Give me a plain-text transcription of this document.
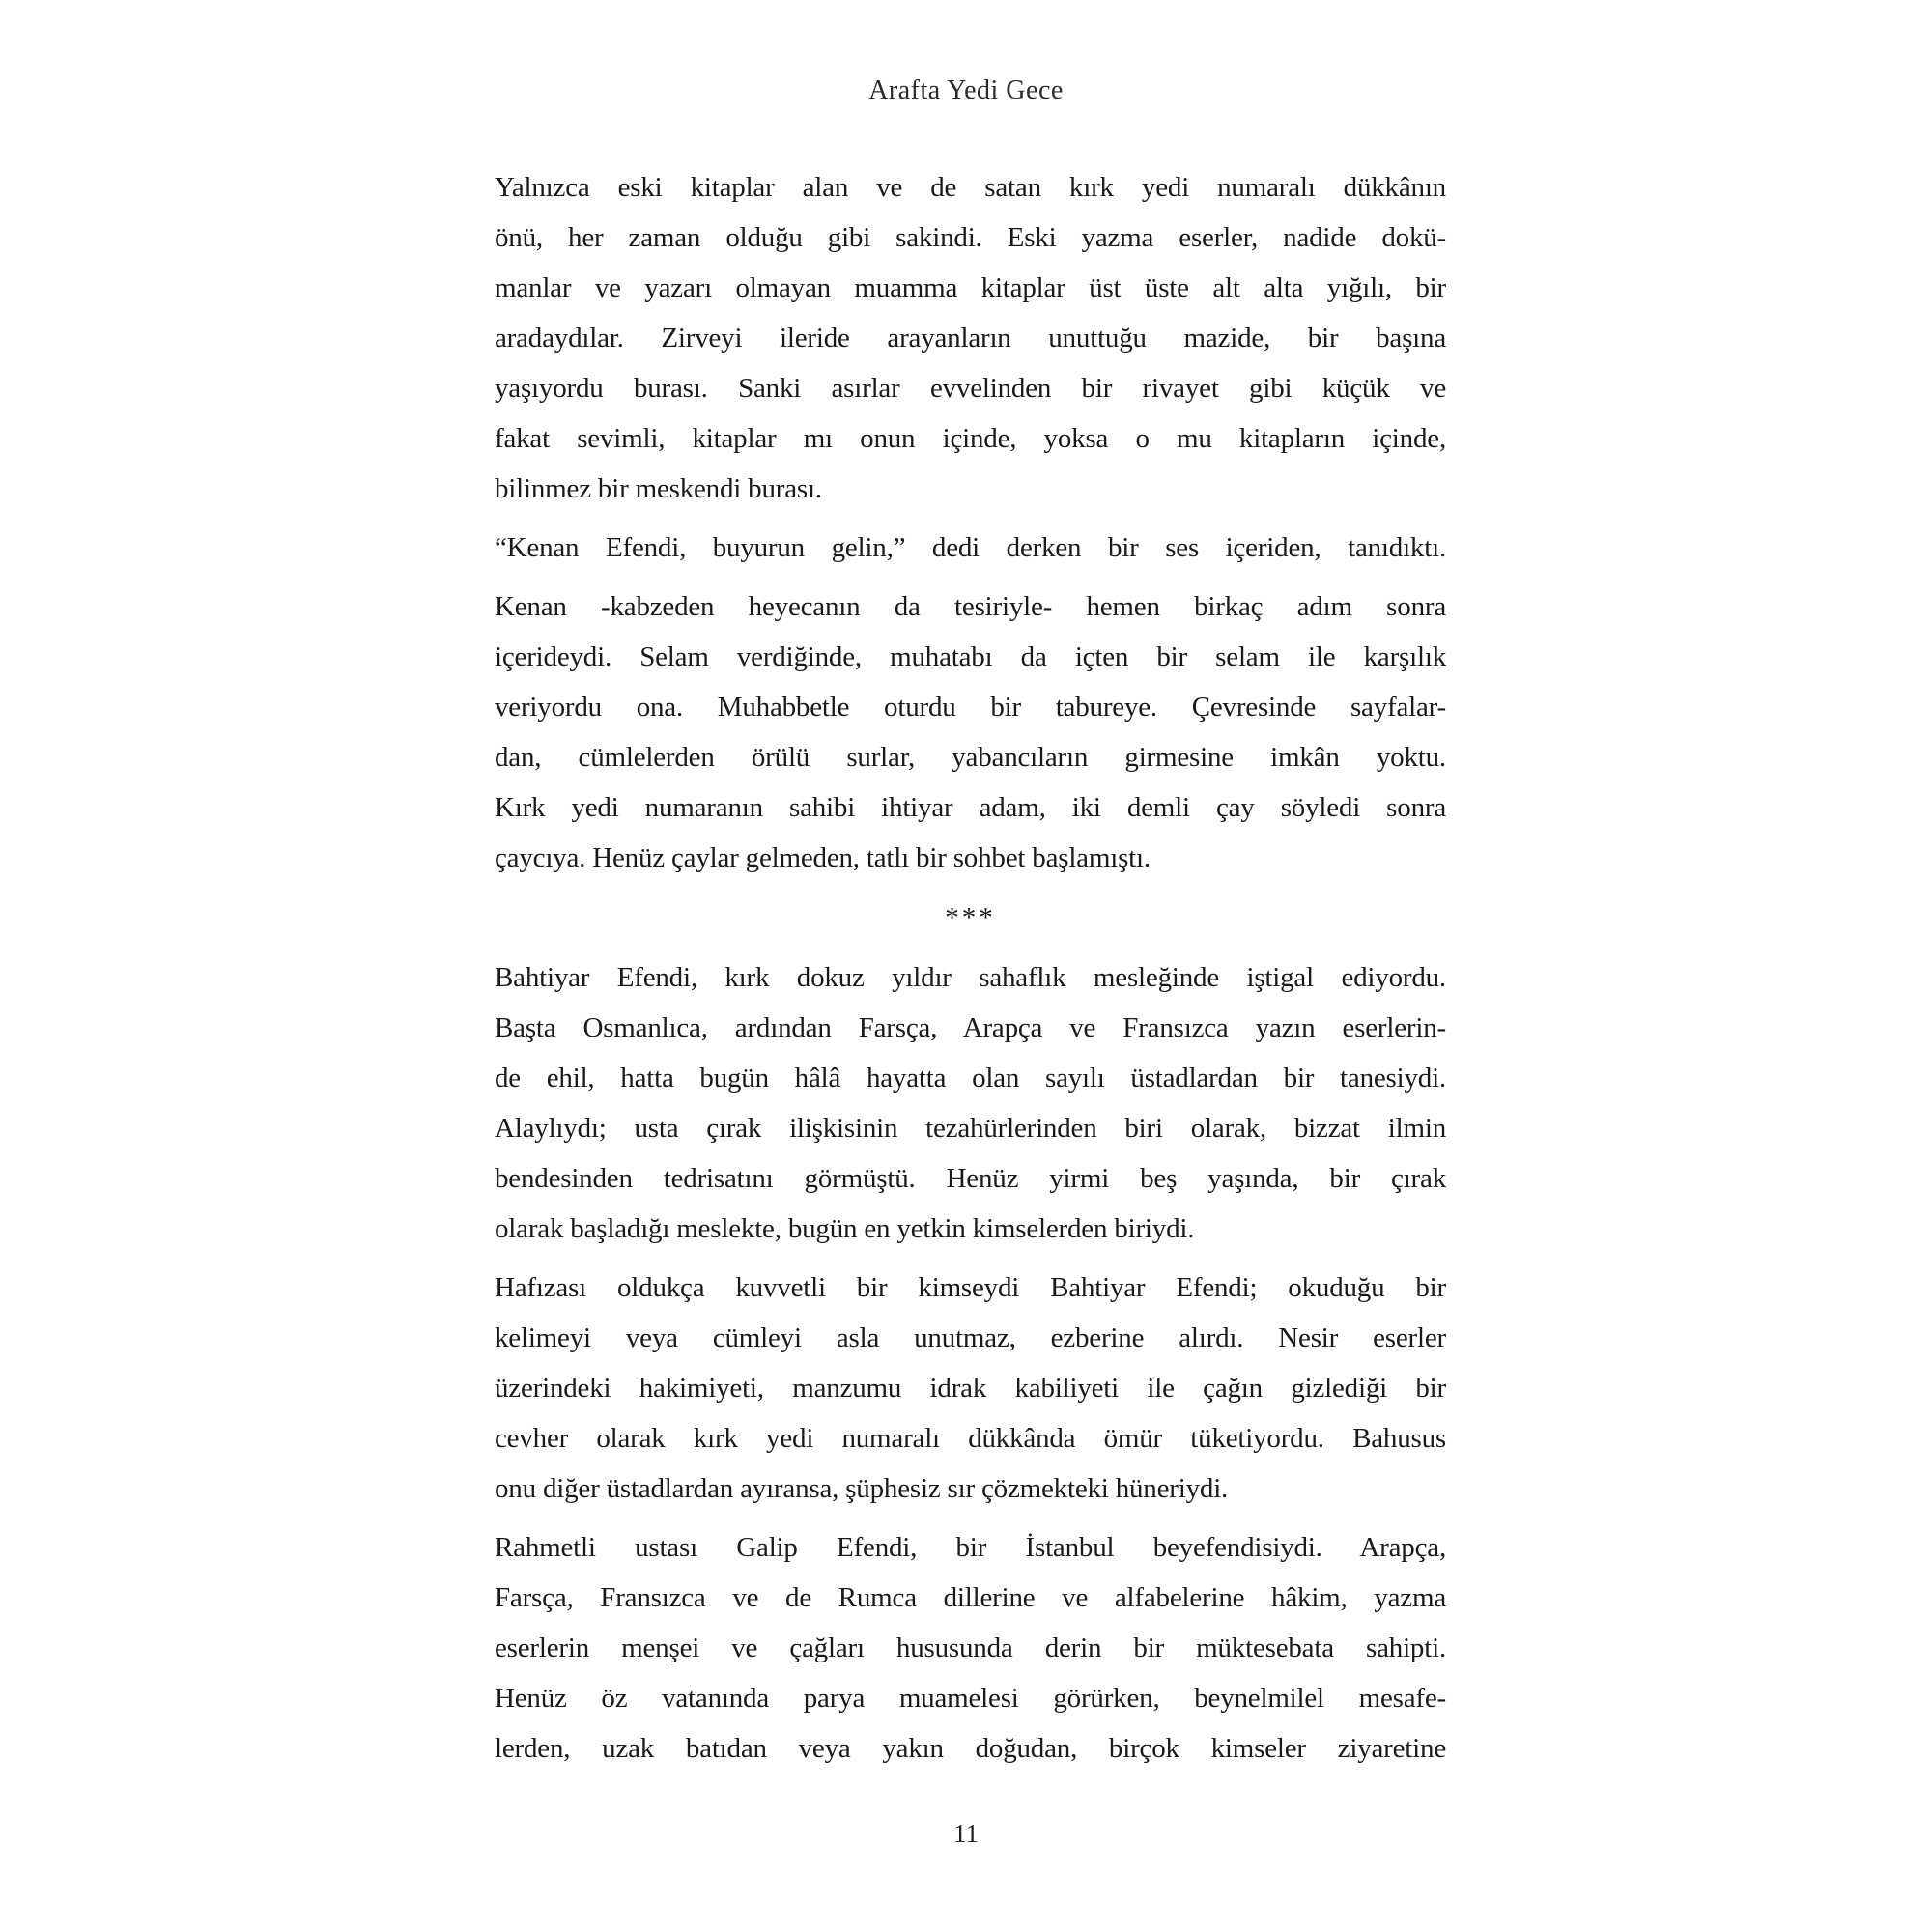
Arafta Yedi Gece
Yalnızca eski kitaplar alan ve de satan kırk yedi numaralı dükkânın
önü, her zaman olduğu gibi sakindi. Eski yazma eserler, nadide dokü-
manlar ve yazarı olmayan muamma kitaplar üst üste alt alta yığılı, bir
aradaydılar. Zirveyi ileride arayanların unuttuğu mazide, bir başına
yaşıyordu burası. Sanki asırlar evvelinden bir rivayet gibi küçük ve
fakat sevimli, kitaplar mı onun içinde, yoksa o mu kitapların içinde,
bilinmez bir meskendi burası.
“Kenan Efendi, buyurun gelin,” dedi derken bir ses içeriden, tanıdıktı.
Kenan -kabzeden heyecanın da tesiriyle- hemen birkaç adım sonra
içerideydi. Selam verdiğinde, muhatabı da içten bir selam ile karşılık
veriyordu ona. Muhabbetle oturdu bir tabureye. Çevresinde sayfalar-
dan, cümlelerden örülü surlar, yabancıların girmesine imkân yoktu.
Kırk yedi numaranın sahibi ihtiyar adam, iki demli çay söyledi sonra
çaycıya. Henüz çaylar gelmeden, tatlı bir sohbet başlamıştı.
***
Bahtiyar Efendi, kırk dokuz yıldır sahaflık mesleğinde iştigal ediyordu.
Başta Osmanlıca, ardından Farsça, Arapça ve Fransızca yazın eserlerin-
de ehil, hatta bugün hâlâ hayatta olan sayılı üstadlardan bir tanesiydi.
Alaylıydı; usta çırak ilişkisinin tezahürlerinden biri olarak, bizzat ilmin
bendesinden tedrisatını görmüştü. Henüz yirmi beş yaşında, bir çırak
olarak başladığı meslekte, bugün en yetkin kimselerden biriydi.
Hafızası oldukça kuvvetli bir kimseydi Bahtiyar Efendi; okuduğu bir
kelimeyi veya cümleyi asla unutmaz, ezberine alırdı. Nesir eserler
üzerindeki hakimiyeti, manzumu idrak kabiliyeti ile çağın gizlediği bir
cevher olarak kırk yedi numaralı dükkânda ömür tüketiyordu. Bahusus
onu diğer üstadlardan ayıransa, şüphesiz sır çözmekteki hüneriydi.
Rahmetli ustası Galip Efendi, bir İstanbul beyefendisiydi. Arapça,
Farsça, Fransızca ve de Rumca dillerine ve alfabelerine hâkim, yazma
eserlerin menşei ve çağları hususunda derin bir müktesebata sahipti.
Henüz öz vatanında parya muamelesi görürken, beynelmilel mesafe-
lerden, uzak batıdan veya yakın doğudan, birçok kimseler ziyaretine
11
